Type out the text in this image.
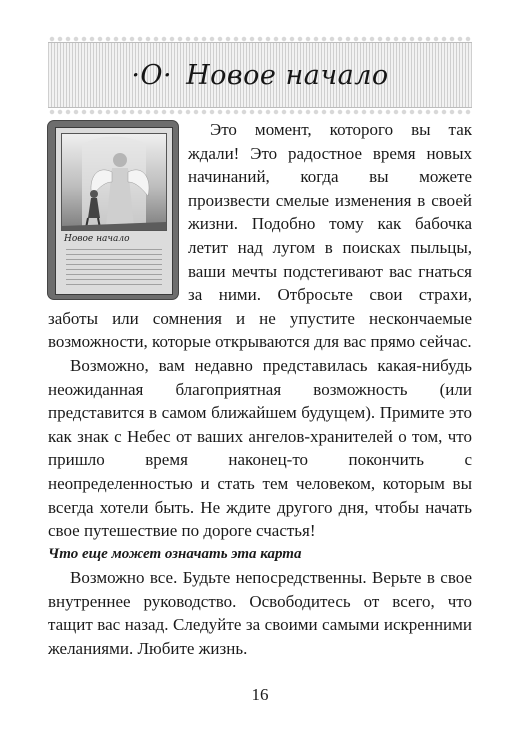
·O· Новое начало
Новое начало

Это момент, которого вы так ждали! Это радостное время новых начинаний, когда вы можете произвести смелые изменения в своей жизни. Подобно тому как бабочка летит над лугом в поисках пыльцы, ваши мечты подстегивают вас гнаться за ними. Отбросьте свои страхи, заботы или сомнения и не упустите нескончаемые возможности, которые открываются для вас прямо сейчас.

Возможно, вам недавно представилась какая-нибудь неожиданная благоприятная возможность (или представится в самом ближайшем будущем). Примите это как знак с Небес от ваших ангелов-хранителей о том, что пришло время наконец-то покончить с неопределенностью и стать тем человеком, которым вы всегда хотели быть. Не ждите другого дня, чтобы начать свое путешествие по дороге счастья!

Что еще может означать эта карта

Возможно все. Будьте непосредственны. Верьте в свое внутреннее руководство. Освободитесь от всего, что тащит вас назад. Следуйте за своими самыми искренними желаниями. Любите жизнь.

16
